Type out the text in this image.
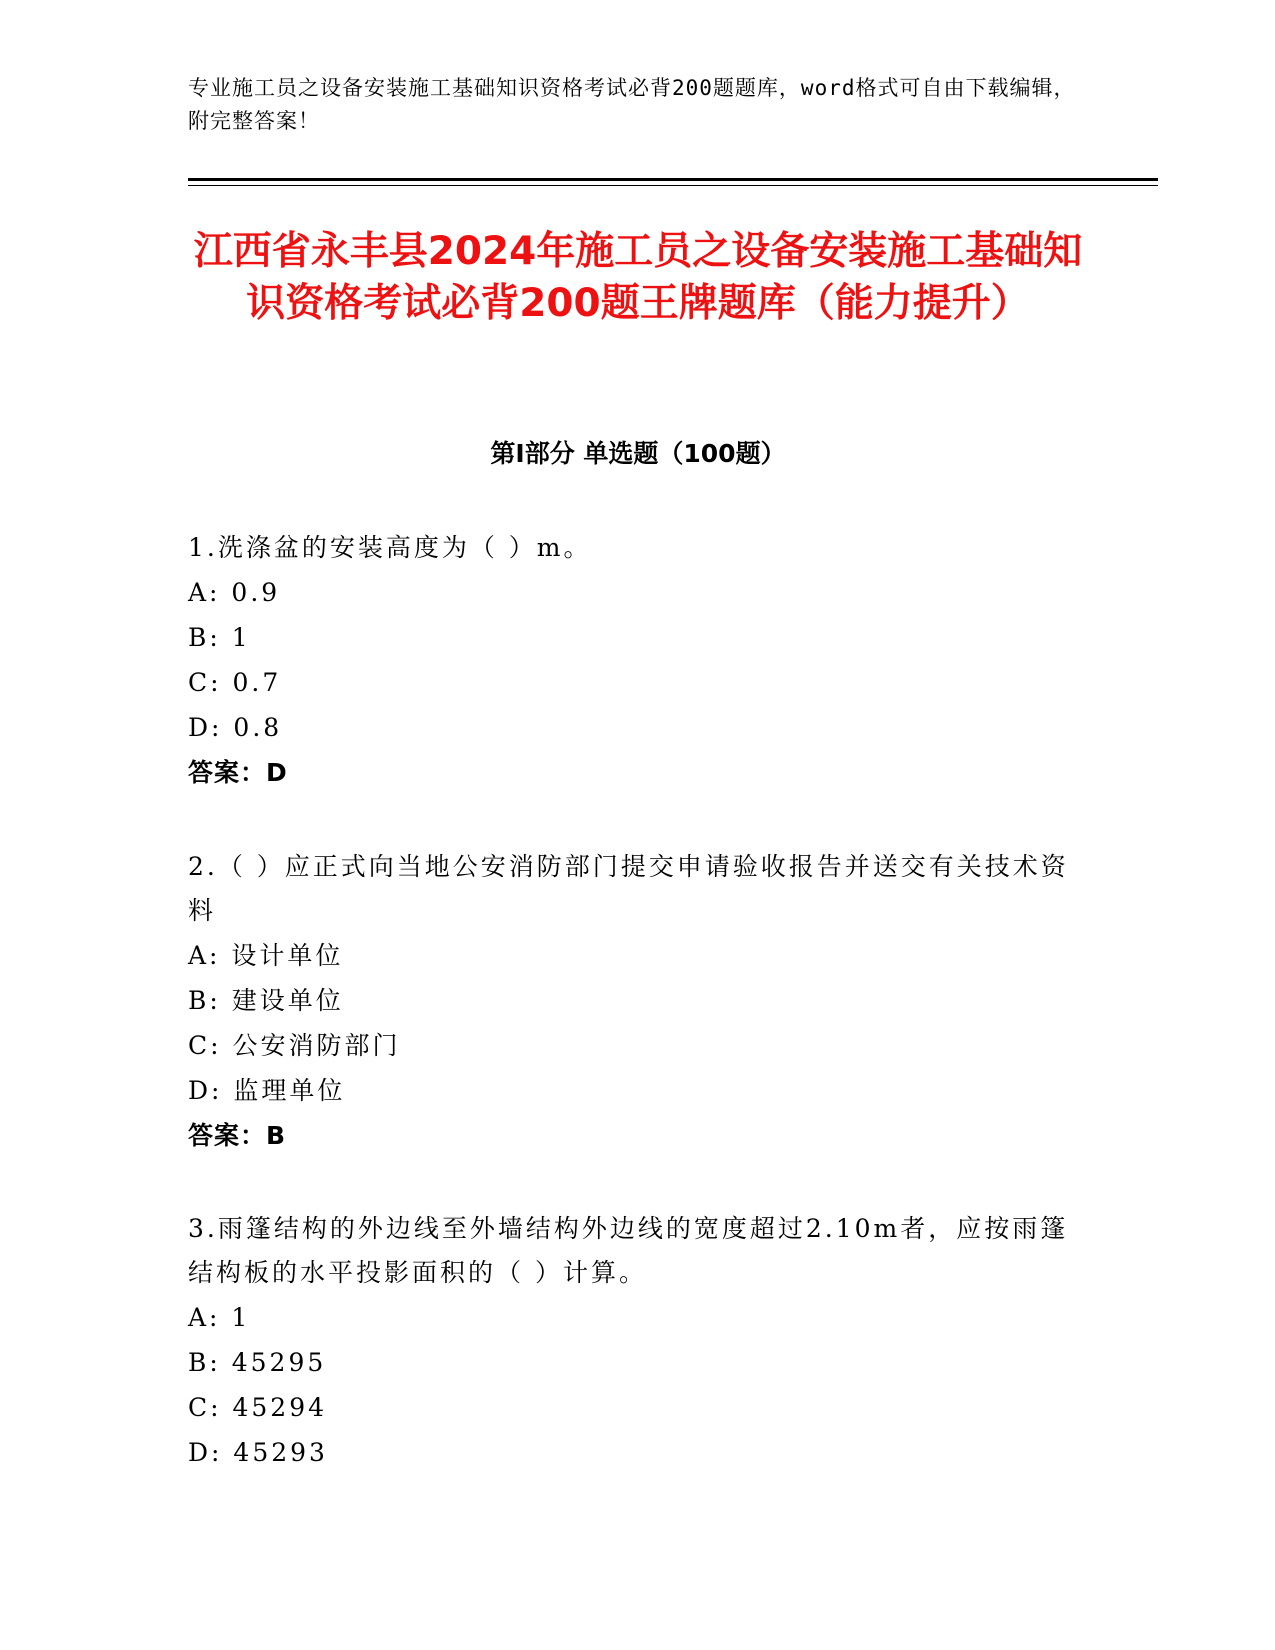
专业施工员之设备安装施工基础知识资格考试必背200题题库，word格式可自由下载编辑，附完整答案！
江西省永丰县2024年施工员之设备安装施工基础知识资格考试必背200题王牌题库（能力提升）
第I部分 单选题（100题）
1.洗涤盆的安装高度为（ ）m。
A: 0.9
B: 1
C: 0.7
D: 0.8
答案：D
2.（ ）应正式向当地公安消防部门提交申请验收报告并送交有关技术资料
A: 设计单位
B: 建设单位
C: 公安消防部门
D: 监理单位
答案：B
3.雨篷结构的外边线至外墙结构外边线的宽度超过2.10m者，应按雨篷结构板的水平投影面积的（ ）计算。
A: 1
B: 45295
C: 45294
D: 45293
